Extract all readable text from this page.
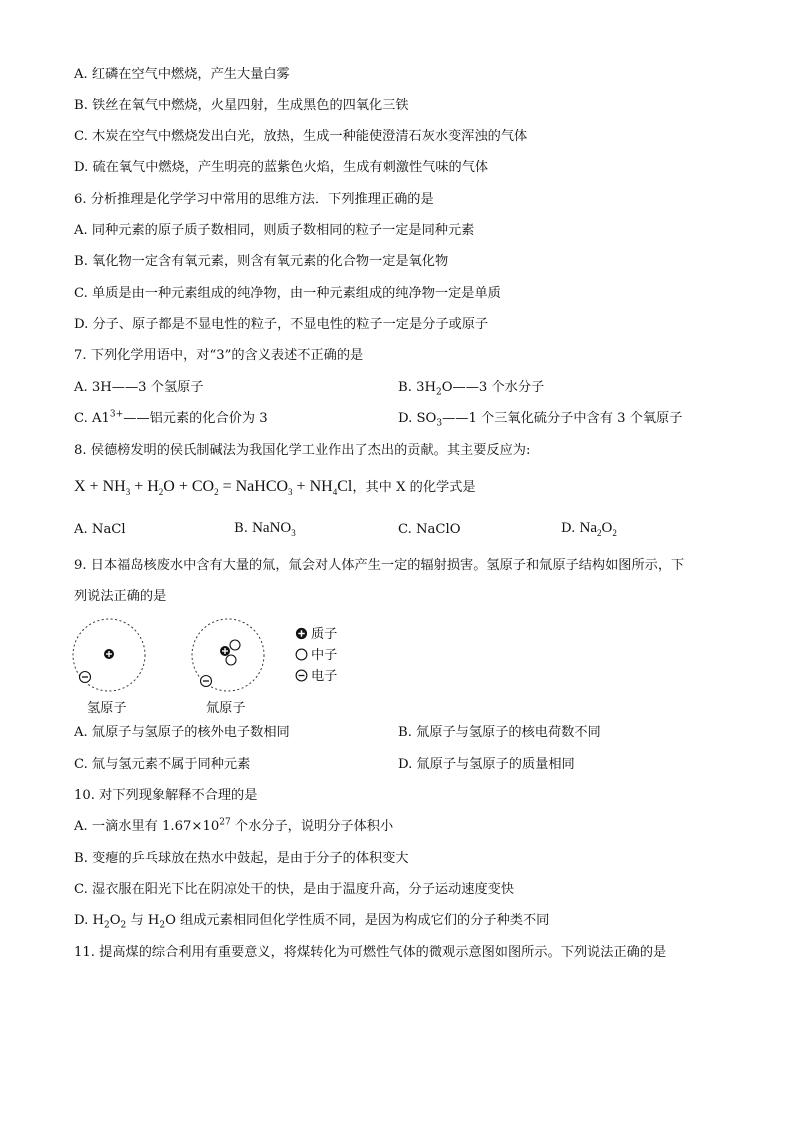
A. 红磷在空气中燃烧，产生大量白雾
B. 铁丝在氧气中燃烧，火星四射，生成黑色的四氧化三铁
C. 木炭在空气中燃烧发出白光，放热，生成一种能使澄清石灰水变浑浊的气体
D. 硫在氧气中燃烧，产生明亮的蓝紫色火焰，生成有刺激性气味的气体
6. 分析推理是化学学习中常用的思维方法．下列推理正确的是
A. 同种元素的原子质子数相同，则质子数相同的粒子一定是同种元素
B. 氧化物一定含有氧元素，则含有氧元素的化合物一定是氧化物
C. 单质是由一种元素组成的纯净物，由一种元素组成的纯净物一定是单质
D. 分子、原子都是不显电性的粒子，不显电性的粒子一定是分子或原子
7. 下列化学用语中，对“3”的含义表述不正确的是
A. 3H——3 个氢原子	B. $3H_2O——3$ 个水分子
C. $A1^{3+}——$铝元素的化合价为 3	D. $SO_3——1$ 个三氧化硫分子中含有 3 个氧原子
8. 侯德榜发明的侯氏制碱法为我国化学工业作出了杰出的贡献。其主要反应为:
$X + NH_3 + H_2O + CO_2$ = NaHCO$_3$ + $NH_4Cl$，其中 X 的化学式是
A. NaCl	B. NaNO$_3$	C. NaClO	D. $Na_2O_2$
9. 日本福岛核废水中含有大量的氚，氚会对人体产生一定的辐射损害。氢原子和氚原子结构如图所示，下
列说法正确的是
氢原子	氚原子
质子
中子
电子
A. 氚原子与氢原子的核外电子数相同	B. 氚原子与氢原子的核电荷数不同
C. 氚与氢元素不属于同种元素	D. 氚原子与氢原子的质量相同
10. 对下列现象解释不合理的是
A. 一滴水里有 $1.67\times 10^{27}$ 个水分子，说明分子体积小
B. 变瘪的乒乓球放在热水中鼓起，是由于分子的体积变大
C. 湿衣服在阳光下比在阴凉处干的快，是由于温度升高，分子运动速度变快
D. $H_2O_2$ 与 $H_2O$ 组成元素相同但化学性质不同，是因为构成它们的分子种类不同
11. 提高煤的综合利用有重要意义，将煤转化为可燃性气体的微观示意图如图所示。下列说法正确的是
